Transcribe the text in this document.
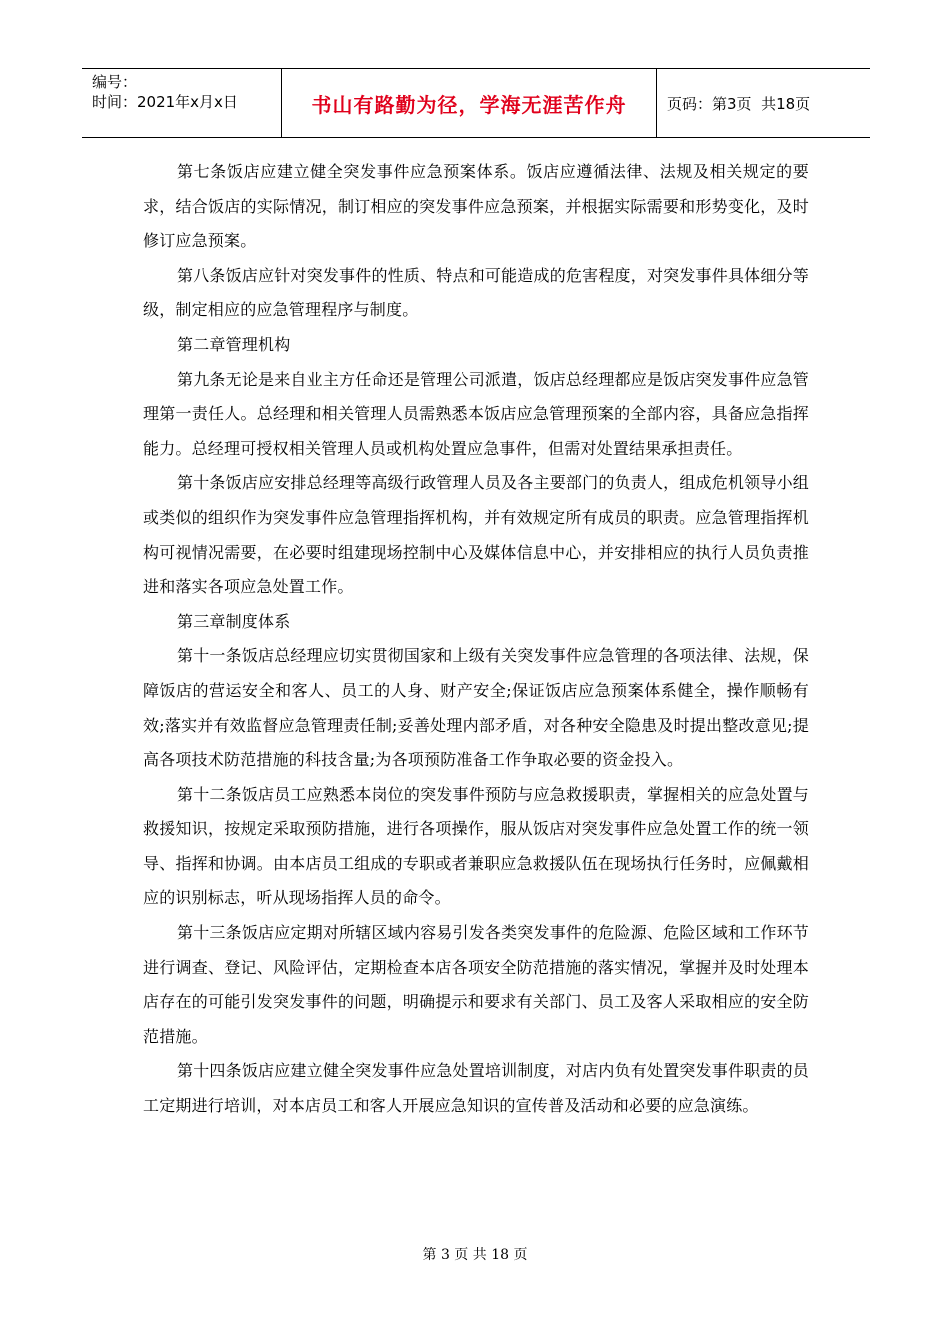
编号：
时间：2021年x月x日	书山有路勤为径，学海无涯苦作舟	页码：第3页  共18页

第七条饭店应建立健全突发事件应急预案体系。饭店应遵循法律、法规及相关规定的要求，结合饭店的实际情况，制订相应的突发事件应急预案，并根据实际需要和形势变化，及时修订应急预案。

第八条饭店应针对突发事件的性质、特点和可能造成的危害程度，对突发事件具体细分等级，制定相应的应急管理程序与制度。

第二章管理机构

第九条无论是来自业主方任命还是管理公司派遣，饭店总经理都应是饭店突发事件应急管理第一责任人。总经理和相关管理人员需熟悉本饭店应急管理预案的全部内容，具备应急指挥能力。总经理可授权相关管理人员或机构处置应急事件，但需对处置结果承担责任。

第十条饭店应安排总经理等高级行政管理人员及各主要部门的负责人，组成危机领导小组或类似的组织作为突发事件应急管理指挥机构，并有效规定所有成员的职责。应急管理指挥机构可视情况需要，在必要时组建现场控制中心及媒体信息中心，并安排相应的执行人员负责推进和落实各项应急处置工作。

第三章制度体系

第十一条饭店总经理应切实贯彻国家和上级有关突发事件应急管理的各项法律、法规，保障饭店的营运安全和客人、员工的人身、财产安全;保证饭店应急预案体系健全，操作顺畅有效;落实并有效监督应急管理责任制;妥善处理内部矛盾，对各种安全隐患及时提出整改意见;提高各项技术防范措施的科技含量;为各项预防准备工作争取必要的资金投入。

第十二条饭店员工应熟悉本岗位的突发事件预防与应急救援职责，掌握相关的应急处置与救援知识，按规定采取预防措施，进行各项操作，服从饭店对突发事件应急处置工作的统一领导、指挥和协调。由本店员工组成的专职或者兼职应急救援队伍在现场执行任务时，应佩戴相应的识别标志，听从现场指挥人员的命令。

第十三条饭店应定期对所辖区域内容易引发各类突发事件的危险源、危险区域和工作环节进行调查、登记、风险评估，定期检查本店各项安全防范措施的落实情况，掌握并及时处理本店存在的可能引发突发事件的问题，明确提示和要求有关部门、员工及客人采取相应的安全防范措施。

第十四条饭店应建立健全突发事件应急处置培训制度，对店内负有处置突发事件职责的员工定期进行培训，对本店员工和客人开展应急知识的宣传普及活动和必要的应急演练。

第 3 页 共 18 页
